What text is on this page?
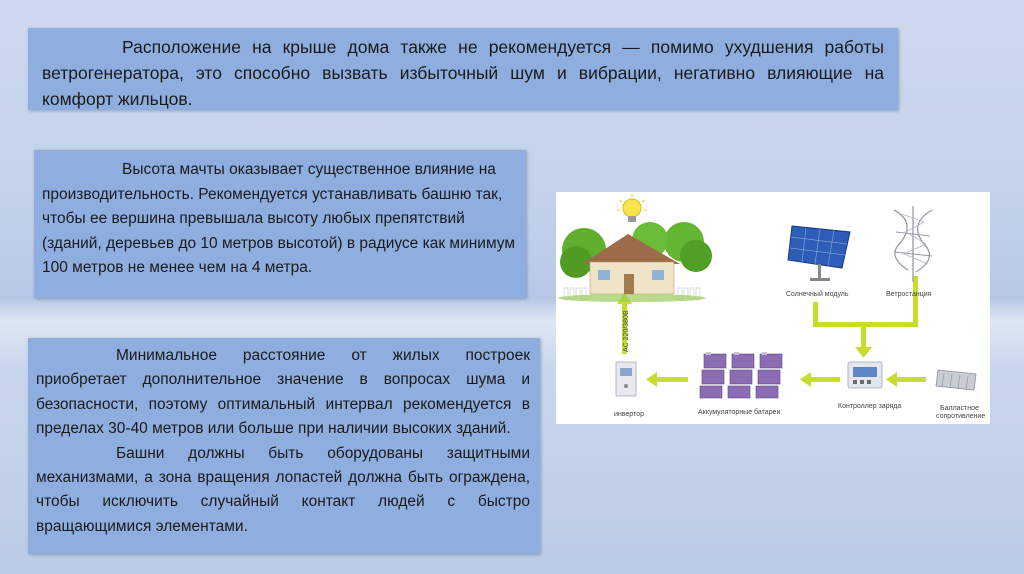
Расположение на крыше дома также не рекомендуется — помимо ухудшения работы ветрогенератора, это способно вызвать избыточный шум и вибрации, негативно влияющие на комфорт жильцов.

Высота мачты оказывает существенное влияние на производительность. Рекомендуется устанавливать башню так, чтобы ее вершина превышала высоту любых препятствий (зданий, деревьев до 10 метров высотой) в радиусе как минимум 100 метров не менее чем на 4 метра.

Минимальное расстояние от жилых построек приобретает дополнительное значение в вопросах шума и безопасности, поэтому оптимальный интервал рекомендуется в пределах 30-40 метров или больше при наличии высоких зданий.

Башни должны быть оборудованы защитными механизмами, а зона вращения лопастей должна быть ограждена, чтобы исключить случайный контакт людей с быстро вращающимися элементами.

Солнечный модуль	Ветростанция
AC 220/380В
инвертор	Аккумуляторные батареи
Контроллер заряда	Балластное
сопротивление
